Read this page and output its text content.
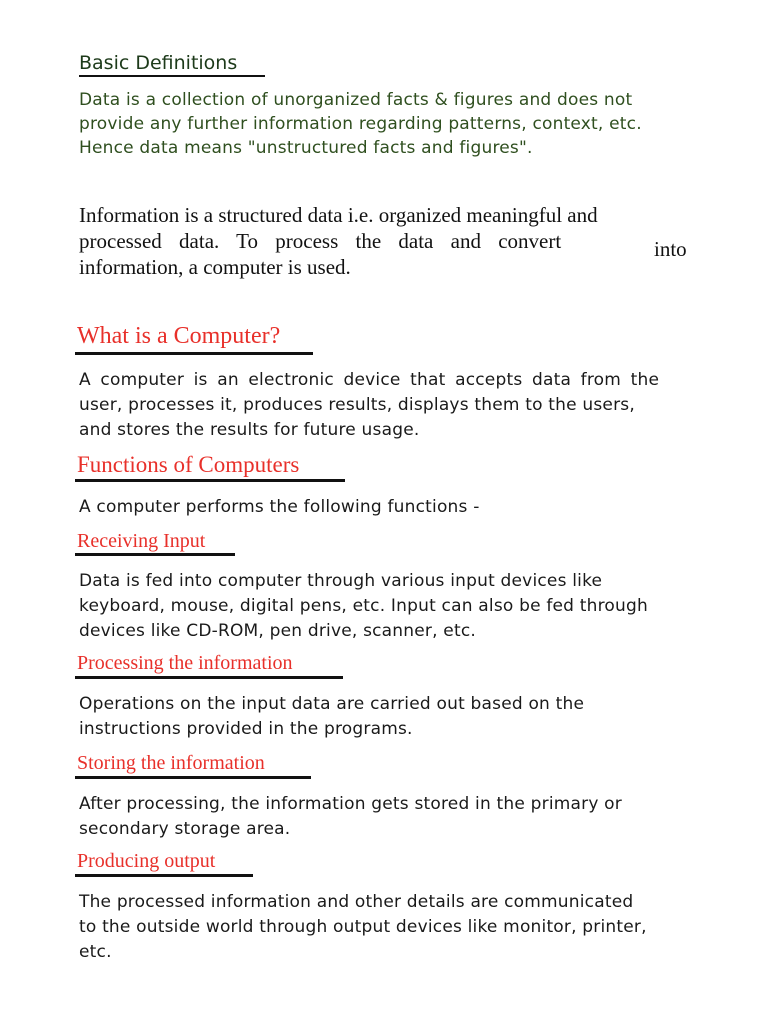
Basic Definitions
Data is a collection of unorganized facts & figures and does not
provide any further information regarding patterns, context, etc.
Hence data means "unstructured facts and figures".
Information is a structured data i.e. organized meaningful and
processed data. To process the data and convert	into
information, a computer is used.
What is a Computer?
A computer is an electronic device that accepts data from the
user, processes it, produces results, displays them to the users,
and stores the results for future usage.
Functions of Computers
A computer performs the following functions -
Receiving Input
Data is fed into computer through various input devices like
keyboard, mouse, digital pens, etc. Input can also be fed through
devices like CD-ROM, pen drive, scanner, etc.
Processing the information
Operations on the input data are carried out based on the
instructions provided in the programs.
Storing the information
After processing, the information gets stored in the primary or
secondary storage area.
Producing output
The processed information and other details are communicated
to the outside world through output devices like monitor, printer,
etc.
